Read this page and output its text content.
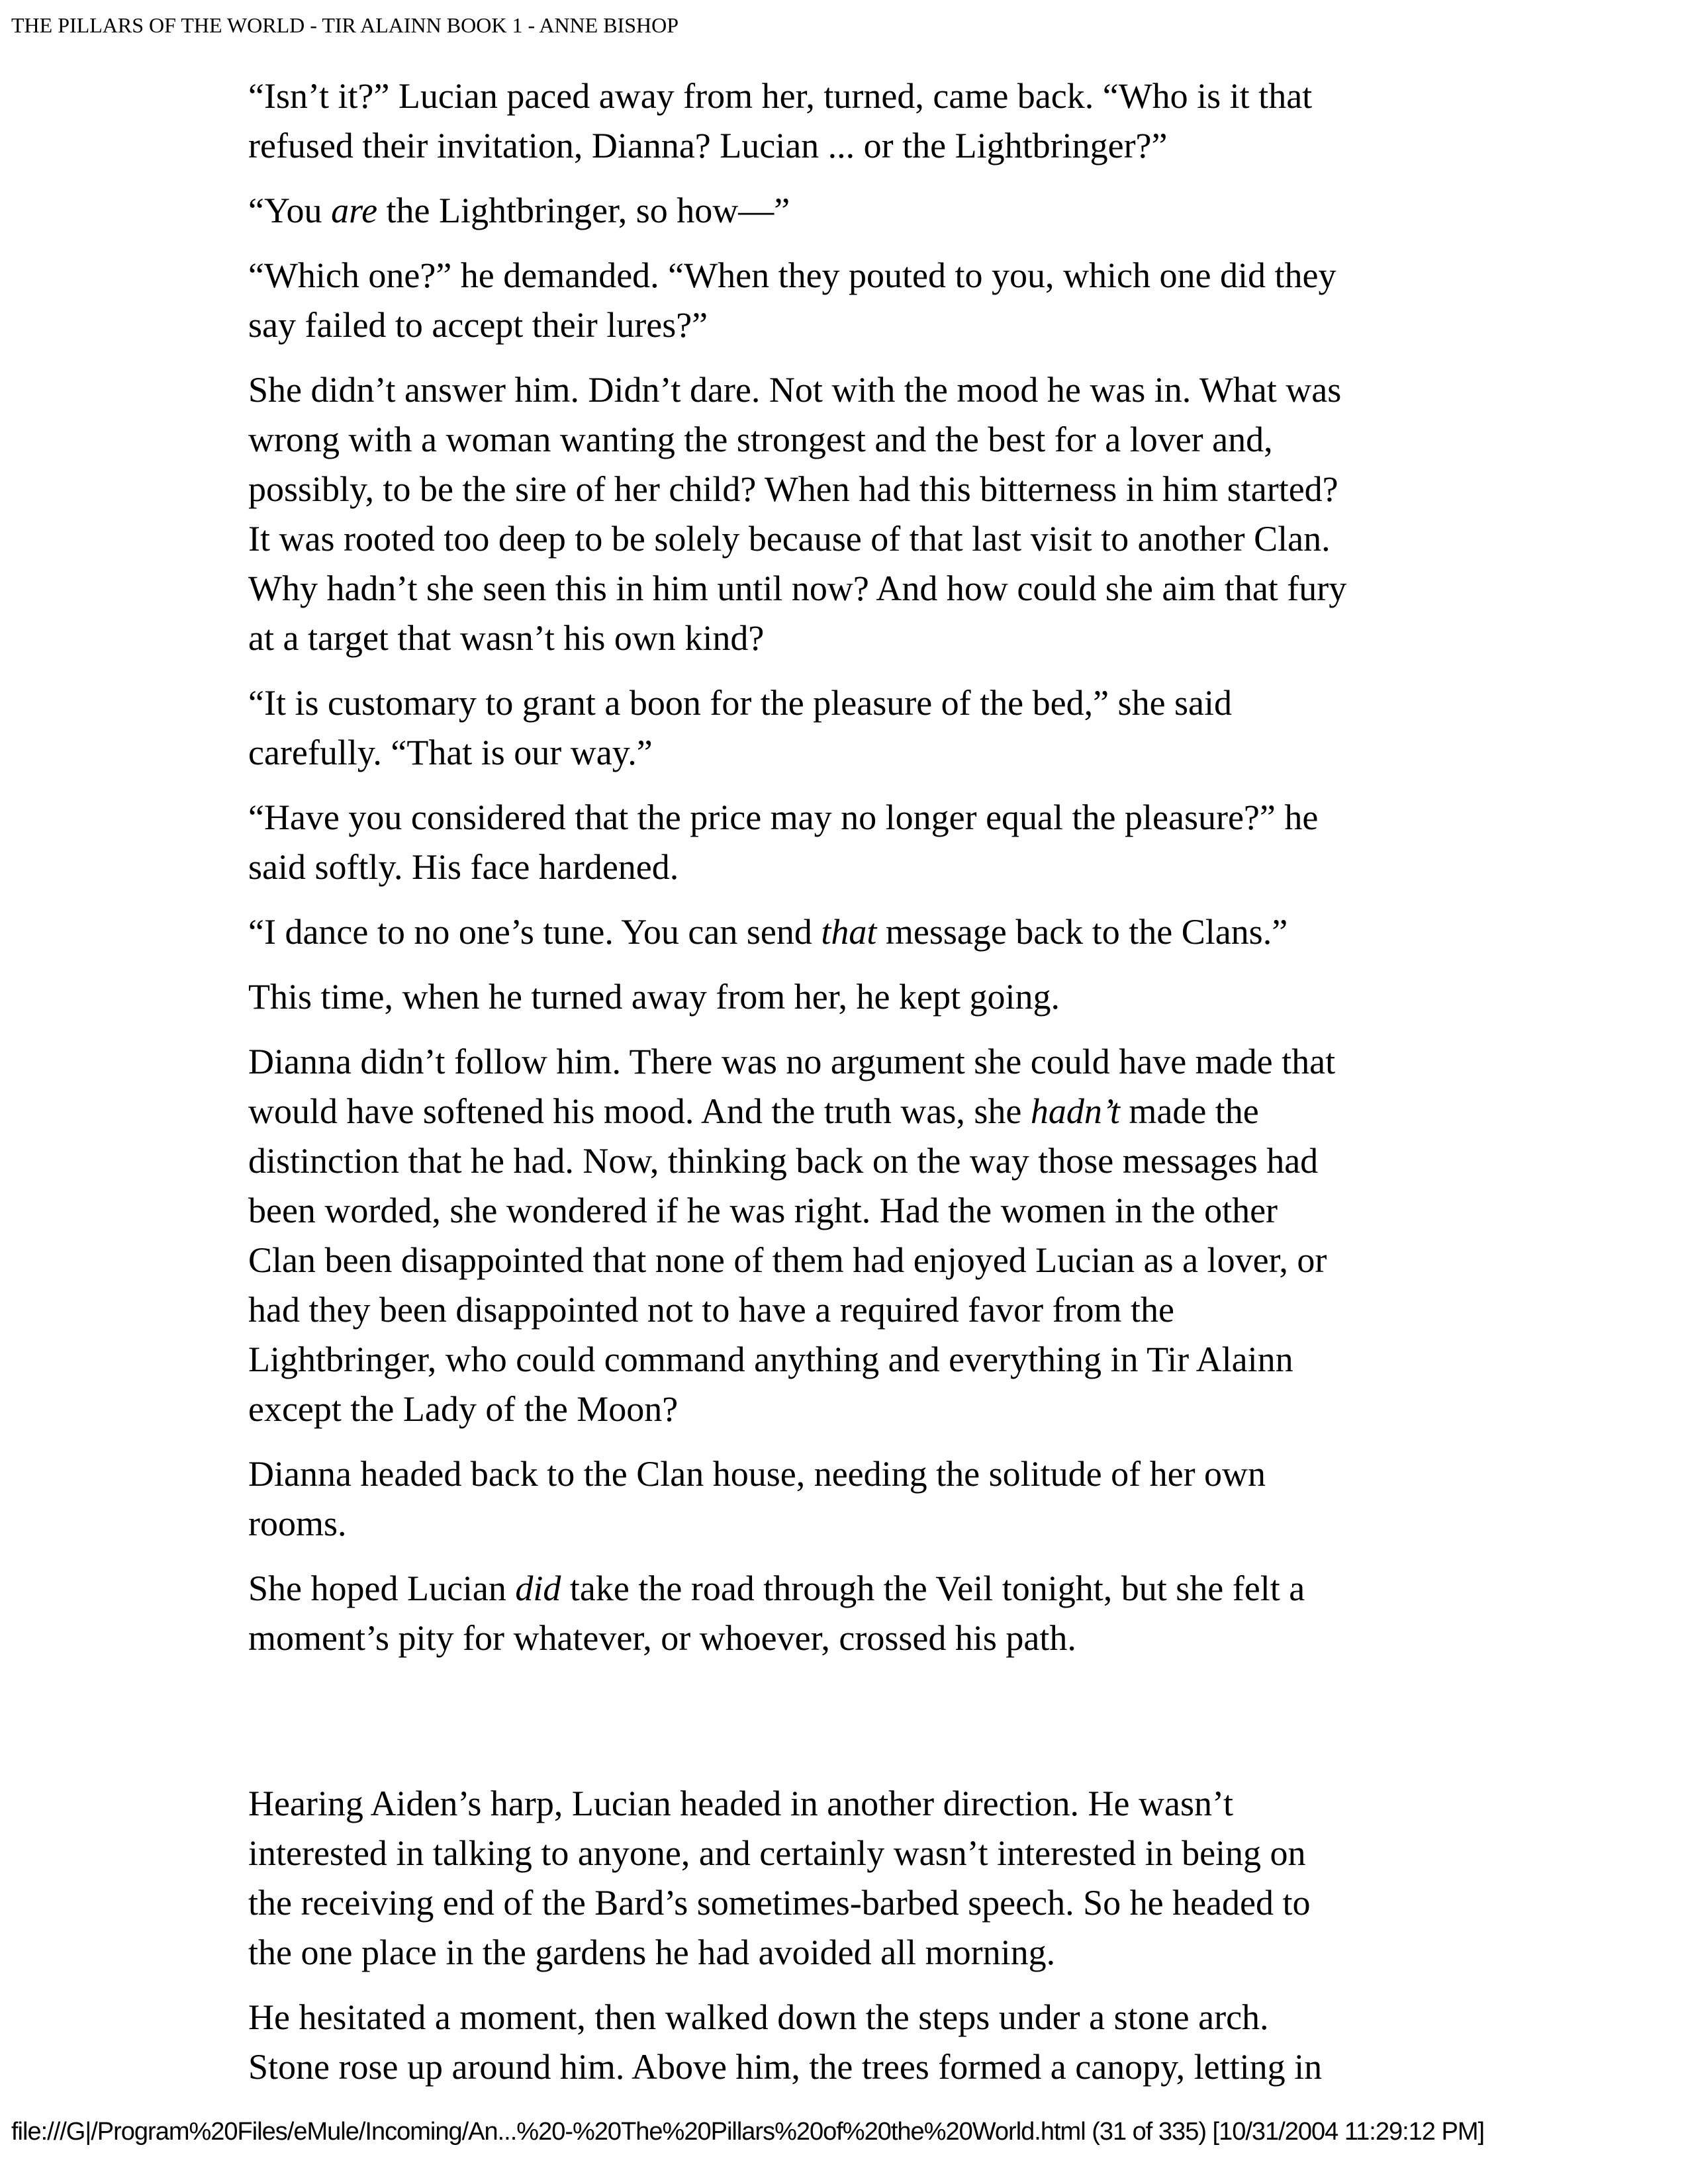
THE PILLARS OF THE WORLD - TIR ALAINN BOOK 1 - ANNE BISHOP

“Isn’t it?” Lucian paced away from her, turned, came back. “Who is it that
refused their invitation, Dianna? Lucian ... or the Lightbringer?”

“You are the Lightbringer, so how—”

“Which one?” he demanded. “When they pouted to you, which one did they
say failed to accept their lures?”

She didn’t answer him. Didn’t dare. Not with the mood he was in. What was
wrong with a woman wanting the strongest and the best for a lover and,
possibly, to be the sire of her child? When had this bitterness in him started?
It was rooted too deep to be solely because of that last visit to another Clan.
Why hadn’t she seen this in him until now? And how could she aim that fury
at a target that wasn’t his own kind?

“It is customary to grant a boon for the pleasure of the bed,” she said
carefully. “That is our way.”

“Have you considered that the price may no longer equal the pleasure?” he
said softly. His face hardened.

“I dance to no one’s tune. You can send that message back to the Clans.”

This time, when he turned away from her, he kept going.

Dianna didn’t follow him. There was no argument she could have made that
would have softened his mood. And the truth was, she hadn’t made the
distinction that he had. Now, thinking back on the way those messages had
been worded, she wondered if he was right. Had the women in the other
Clan been disappointed that none of them had enjoyed Lucian as a lover, or
had they been disappointed not to have a required favor from the
Lightbringer, who could command anything and everything in Tir Alainn
except the Lady of the Moon?

Dianna headed back to the Clan house, needing the solitude of her own
rooms.

She hoped Lucian did take the road through the Veil tonight, but she felt a
moment’s pity for whatever, or whoever, crossed his path.

Hearing Aiden’s harp, Lucian headed in another direction. He wasn’t
interested in talking to anyone, and certainly wasn’t interested in being on
the receiving end of the Bard’s sometimes-barbed speech. So he headed to
the one place in the gardens he had avoided all morning.

He hesitated a moment, then walked down the steps under a stone arch.
Stone rose up around him. Above him, the trees formed a canopy, letting in

file:///G|/Program%20Files/eMule/Incoming/An...%20-%20The%20Pillars%20of%20the%20World.html (31 of 335) [10/31/2004 11:29:12 PM]
